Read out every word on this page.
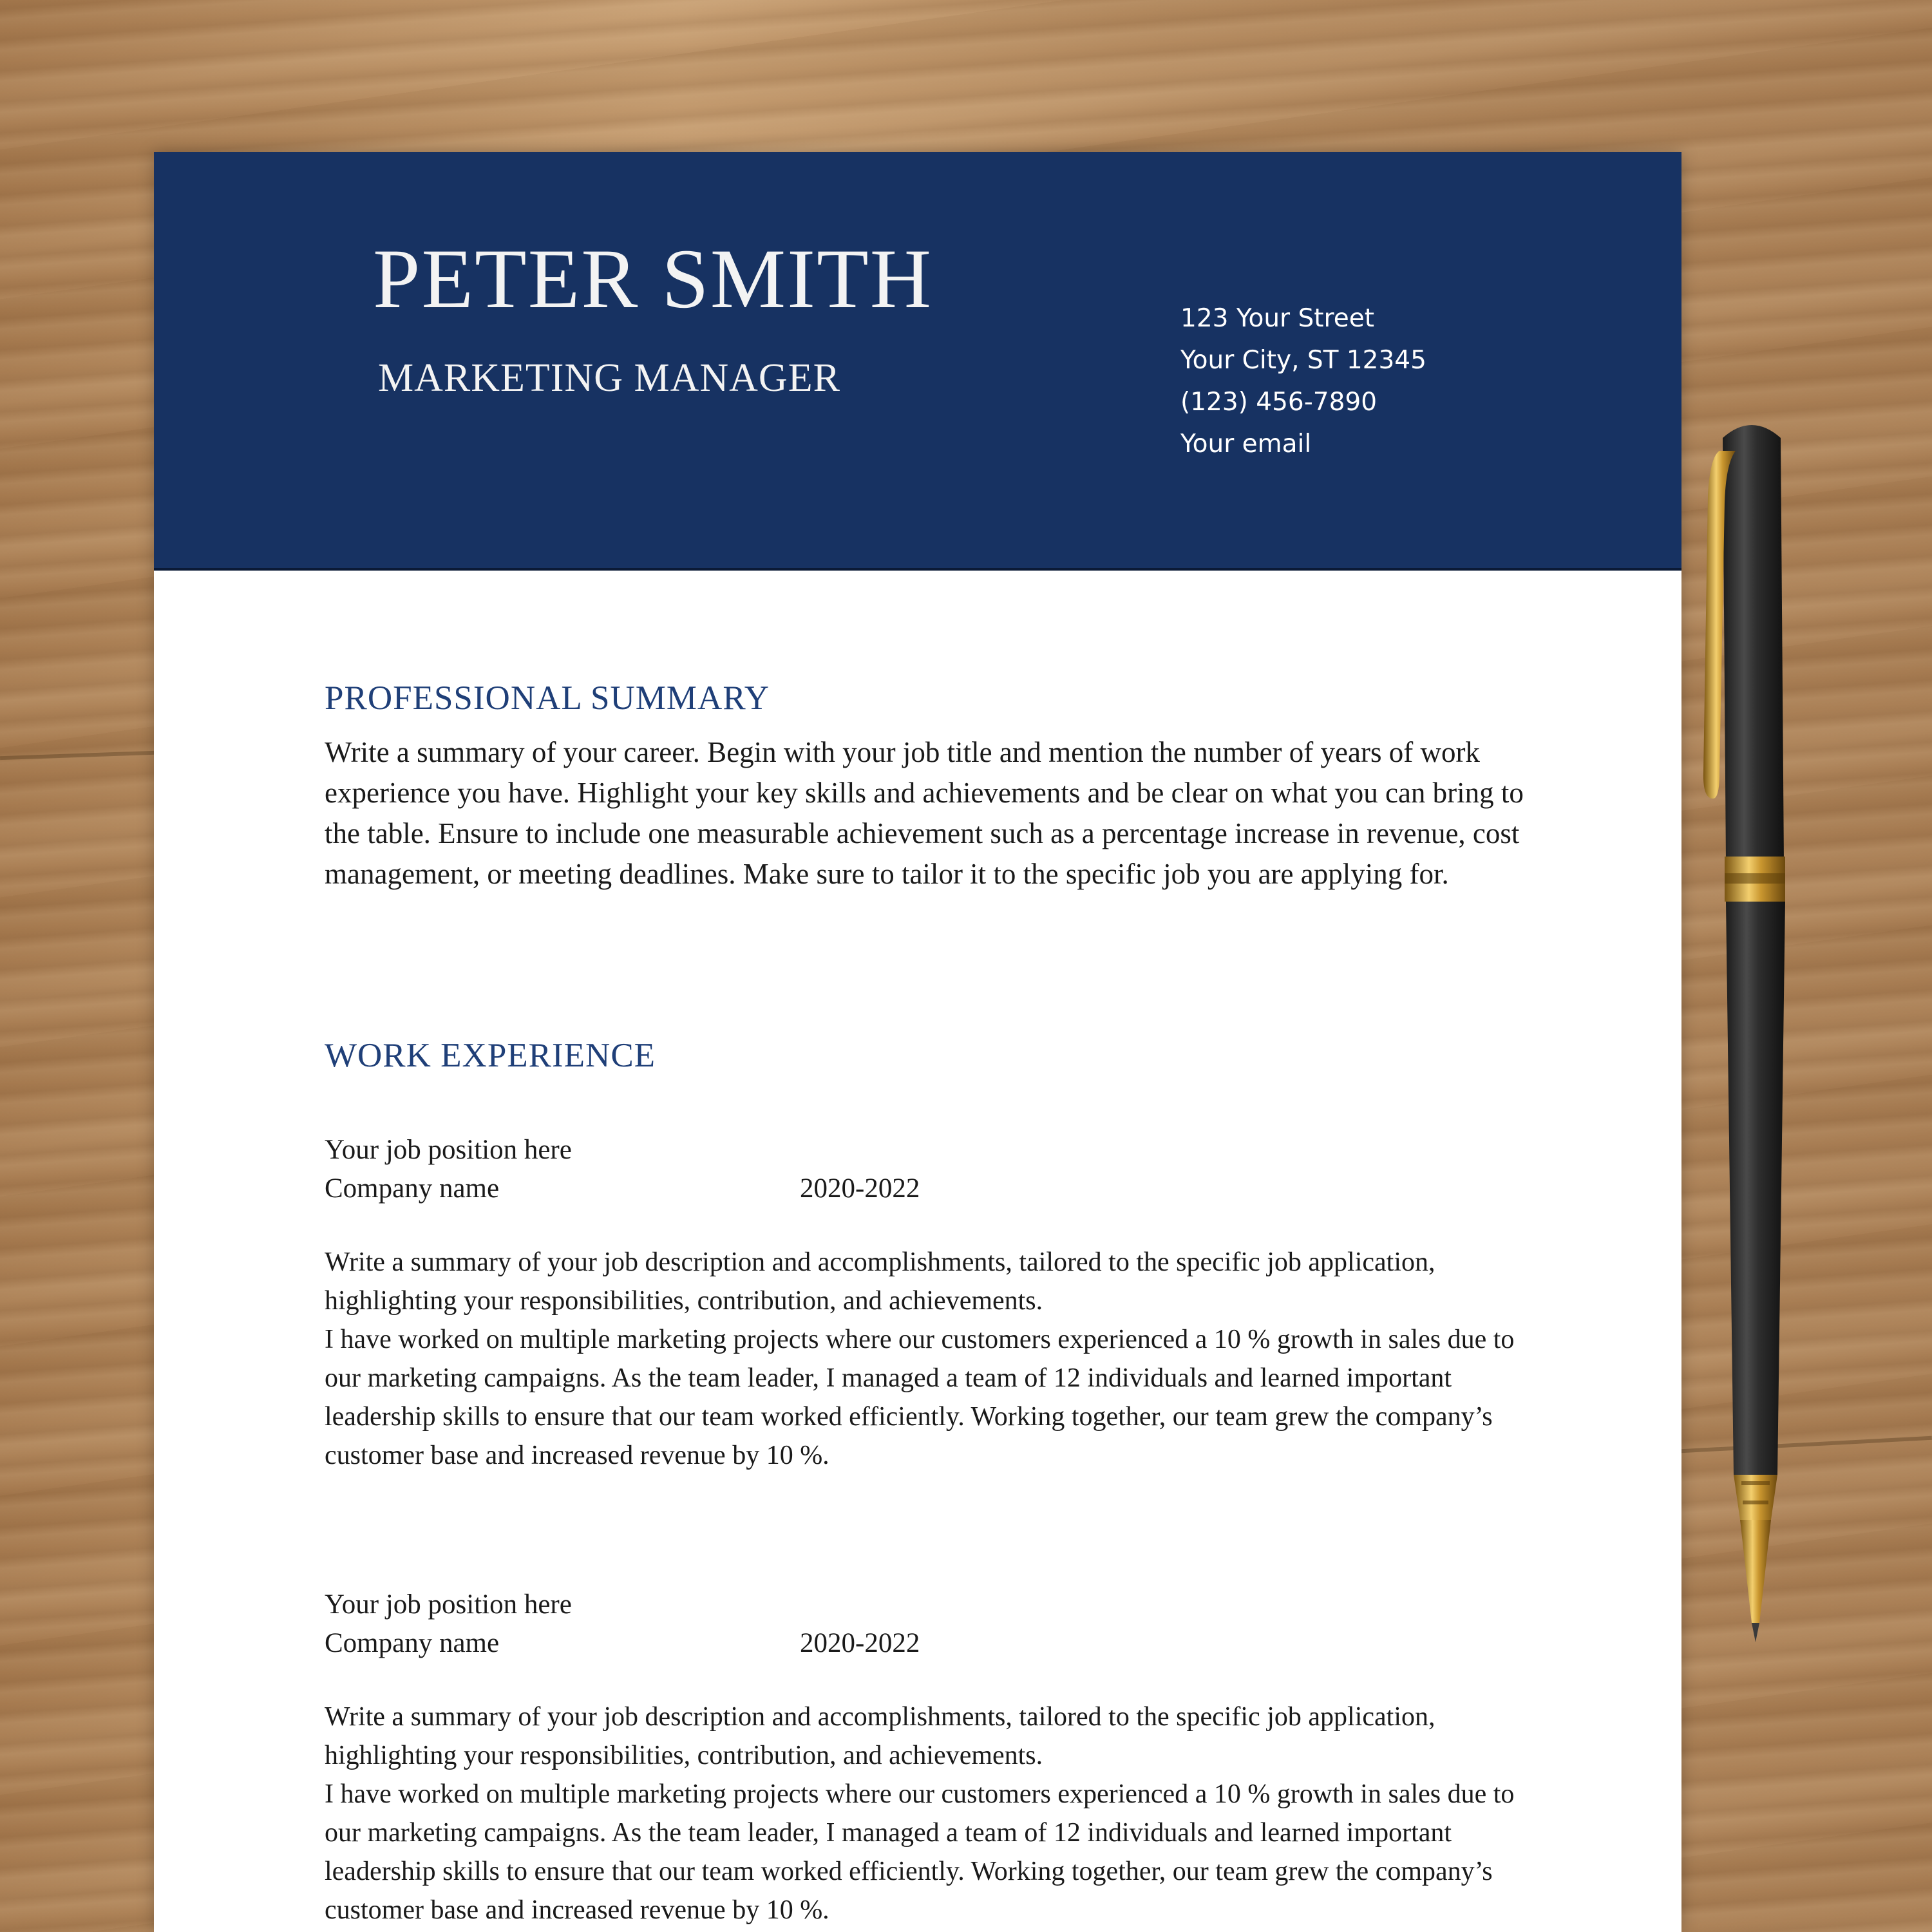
PETER SMITH
MARKETING MANAGER
123 Your Street
Your City, ST 12345
(123) 456-7890
Your email
PROFESSIONAL SUMMARY

Write a summary of your career. Begin with your job title and mention the number of years of work experience you have. Highlight your key skills and achievements and be clear on what you can bring to the table. Ensure to include one measurable achievement such as a percentage increase in revenue, cost management, or meeting deadlines. Make sure to tailor it to the specific job you are applying for.

WORK EXPERIENCE

Your job position here

Company name	2020-2022

Write a summary of your job description and accomplishments, tailored to the specific job application, highlighting your responsibilities, contribution, and achievements.

I have worked on multiple marketing projects where our customers experienced a 10 % growth in sales due to our marketing campaigns. As the team leader, I managed a team of 12 individuals and learned important leadership skills to ensure that our team worked efficiently. Working together, our team grew the company’s customer base and increased revenue by 10 %.

Your job position here

Company name	2020-2022

Write a summary of your job description and accomplishments, tailored to the specific job application, highlighting your responsibilities, contribution, and achievements.

I have worked on multiple marketing projects where our customers experienced a 10 % growth in sales due to our marketing campaigns. As the team leader, I managed a team of 12 individuals and learned important leadership skills to ensure that our team worked efficiently. Working together, our team grew the company’s customer base and increased revenue by 10 %.
